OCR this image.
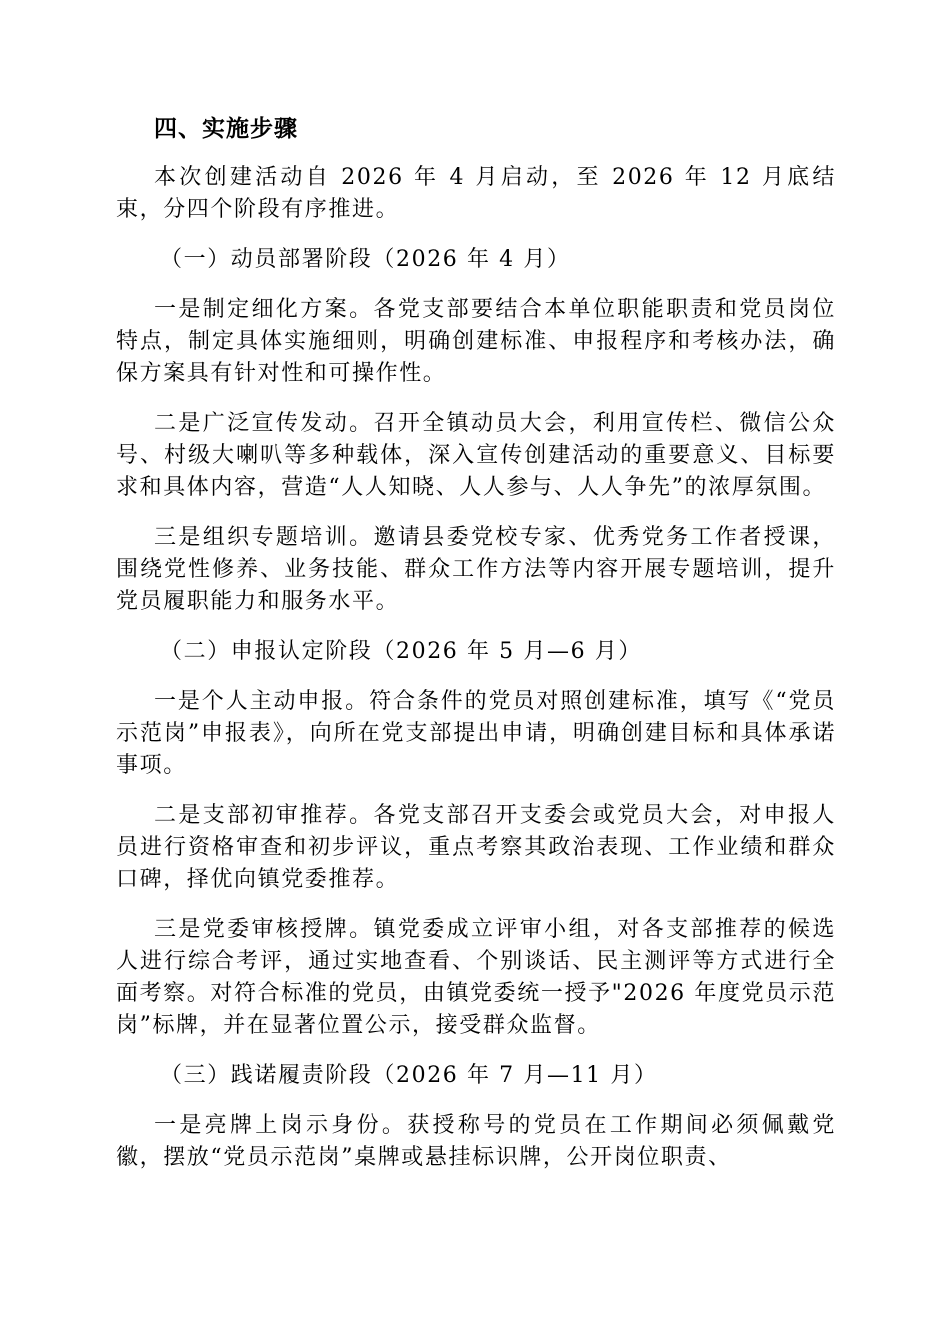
四、实施步骤

本次创建活动自 2026 年 4 月启动，至 2026 年 12 月底结束，分四个阶段有序推进。

（一）动员部署阶段（2026 年 4 月）

一是制定细化方案。各党支部要结合本单位职能职责和党员岗位特点，制定具体实施细则，明确创建标准、申报程序和考核办法，确保方案具有针对性和可操作性。

二是广泛宣传发动。召开全镇动员大会，利用宣传栏、微信公众号、村级大喇叭等多种载体，深入宣传创建活动的重要意义、目标要求和具体内容，营造“人人知晓、人人参与、人人争先”的浓厚氛围。

三是组织专题培训。邀请县委党校专家、优秀党务工作者授课，围绕党性修养、业务技能、群众工作方法等内容开展专题培训，提升党员履职能力和服务水平。

（二）申报认定阶段（2026 年 5 月—6 月）

一是个人主动申报。符合条件的党员对照创建标准，填写《“党员示范岗”申报表》，向所在党支部提出申请，明确创建目标和具体承诺事项。

二是支部初审推荐。各党支部召开支委会或党员大会，对申报人员进行资格审查和初步评议，重点考察其政治表现、工作业绩和群众口碑，择优向镇党委推荐。

三是党委审核授牌。镇党委成立评审小组，对各支部推荐的候选人进行综合考评，通过实地查看、个别谈话、民主测评等方式进行全面考察。对符合标准的党员，由镇党委统一授予"2026 年度党员示范岗”标牌，并在显著位置公示，接受群众监督。

（三）践诺履责阶段（2026 年 7 月—11 月）

一是亮牌上岗示身份。获授称号的党员在工作期间必须佩戴党徽，摆放“党员示范岗”桌牌或悬挂标识牌，公开岗位职责、
